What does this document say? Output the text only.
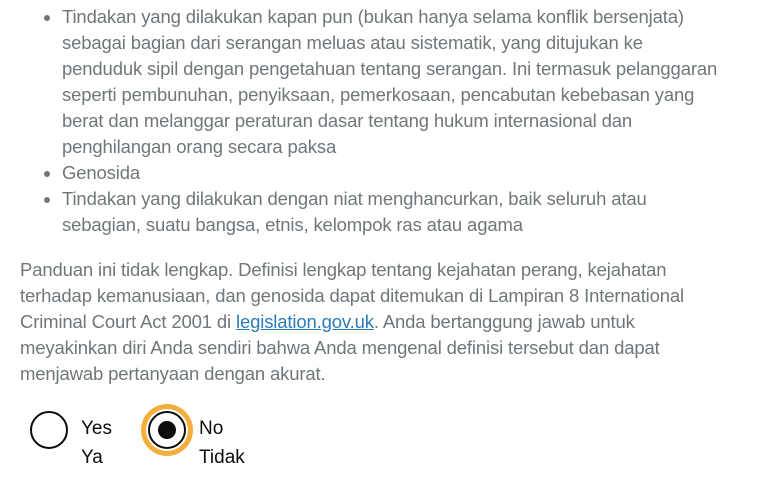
• Tindakan yang dilakukan kapan pun (bukan hanya selama konflik bersenjata) sebagai bagian dari serangan meluas atau sistematik, yang ditujukan ke penduduk sipil dengan pengetahuan tentang serangan. Ini termasuk pelanggaran seperti pembunuhan, penyiksaan, pemerkosaan, pencabutan kebebasan yang berat dan melanggar peraturan dasar tentang hukum internasional dan penghilangan orang secara paksa
• Genosida
• Tindakan yang dilakukan dengan niat menghancurkan, baik seluruh atau sebagian, suatu bangsa, etnis, kelompok ras atau agama

Panduan ini tidak lengkap. Definisi lengkap tentang kejahatan perang, kejahatan terhadap kemanusiaan, dan genosida dapat ditemukan di Lampiran 8 International Criminal Court Act 2001 di legislation.gov.uk. Anda bertanggung jawab untuk meyakinkan diri Anda sendiri bahwa Anda mengenal definisi tersebut dan dapat menjawab pertanyaan dengan akurat.

Yes
Ya
No
Tidak
